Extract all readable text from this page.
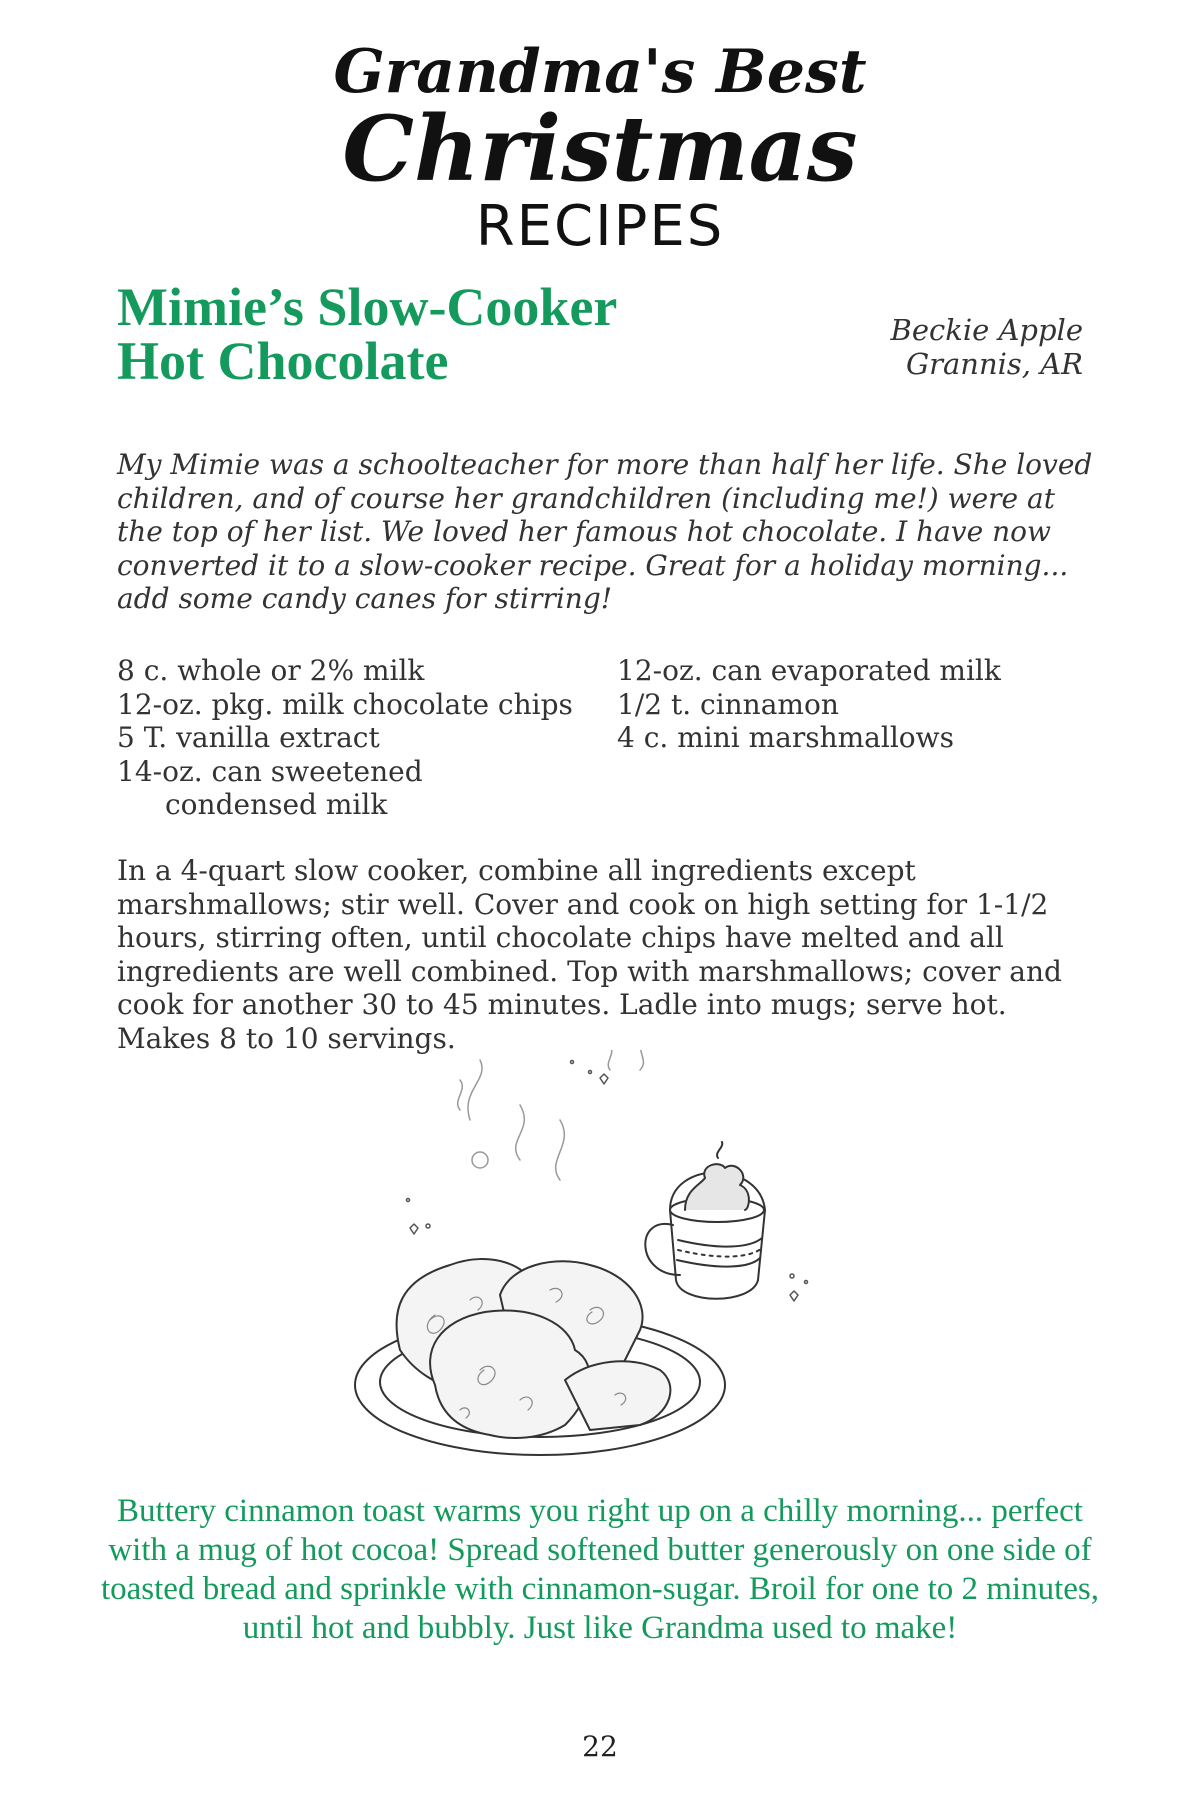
Grandma's Best
Christmas
RECIPES
Mimie’s Slow-Cooker
Hot Chocolate
Beckie Apple
Grannis, AR

My Mimie was a schoolteacher for more than half her life. She loved children, and of course her grandchildren (including me!) were at the top of her list. We loved her famous hot chocolate. I have now converted it to a slow-cooker recipe. Great for a holiday morning... add some candy canes for stirring!

8 c. whole or 2% milk
12-oz. pkg. milk chocolate chips
5 T. vanilla extract
14-oz. can sweetened
condensed milk
12-oz. can evaporated milk
1/2 t. cinnamon
4 c. mini marshmallows

In a 4-quart slow cooker, combine all ingredients except marshmallows; stir well. Cover and cook on high setting for 1-1/2 hours, stirring often, until chocolate chips have melted and all ingredients are well combined. Top with marshmallows; cover and cook for another 30 to 45 minutes. Ladle into mugs; serve hot. Makes 8 to 10 servings.

Buttery cinnamon toast warms you right up on a chilly morning... perfect with a mug of hot cocoa! Spread softened butter generously on one side of toasted bread and sprinkle with cinnamon-sugar. Broil for one to 2 minutes, until hot and bubbly. Just like Grandma used to make!

22
